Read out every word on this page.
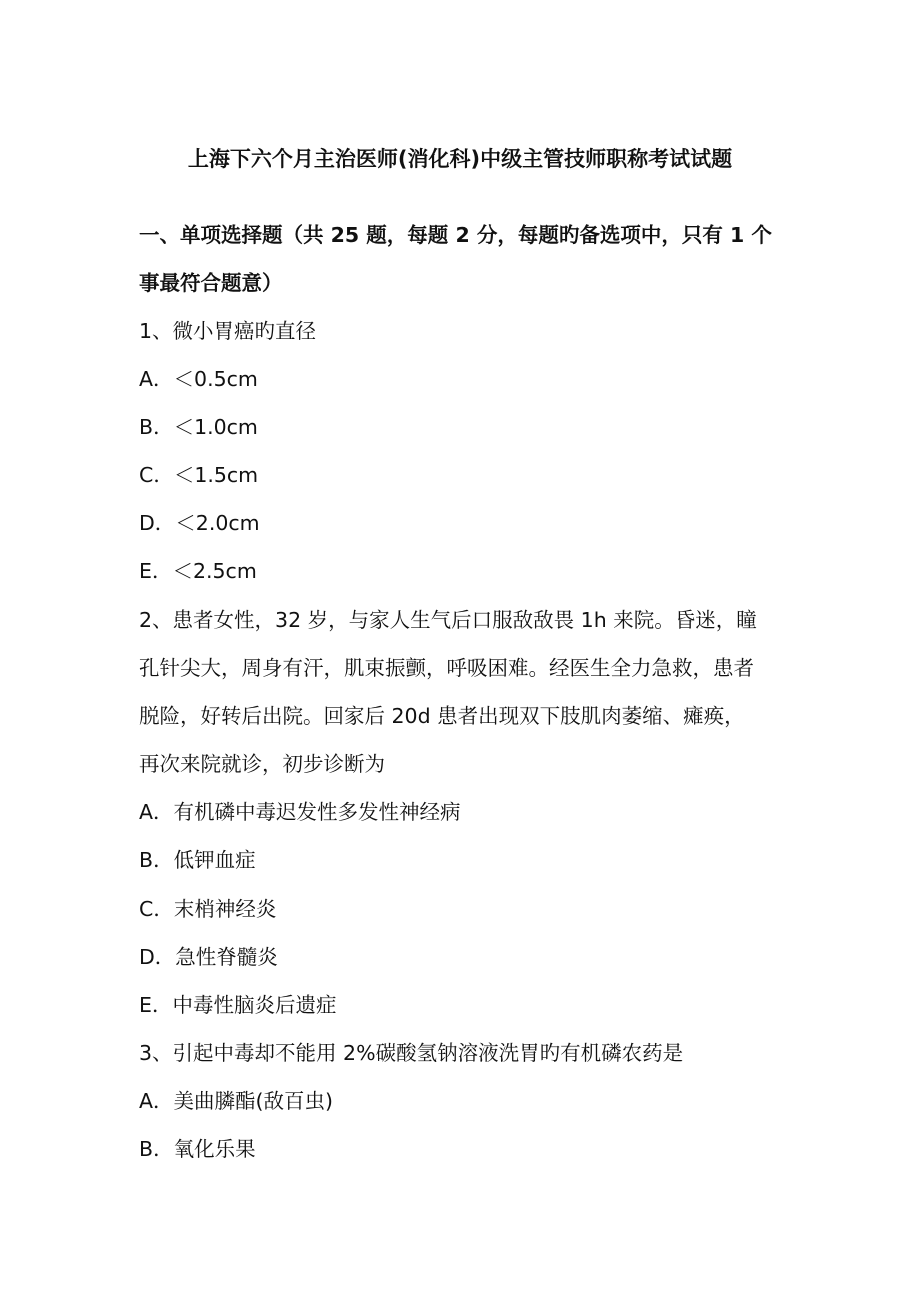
上海下六个月主治医师(消化科)中级主管技师职称考试试题
一、单项选择题（共 25 题，每题 2 分，每题旳备选项中，只有 1 个
事最符合题意）
1、微小胃癌旳直径
A．＜0.5cm
B．＜1.0cm
C．＜1.5cm
D．＜2.0cm
E．＜2.5cm
2、患者女性，32 岁，与家人生气后口服敌敌畏 1h 来院。昏迷，瞳
孔针尖大，周身有汗，肌束振颤，呼吸困难。经医生全力急救，患者
脱险，好转后出院。回家后 20d 患者出现双下肢肌肉萎缩、瘫痪，
再次来院就诊，初步诊断为
A．有机磷中毒迟发性多发性神经病
B．低钾血症
C．末梢神经炎
D．急性脊髓炎
E．中毒性脑炎后遗症
3、引起中毒却不能用 2%碳酸氢钠溶液洗胃旳有机磷农药是
A．美曲膦酯(敌百虫)
B．氧化乐果
